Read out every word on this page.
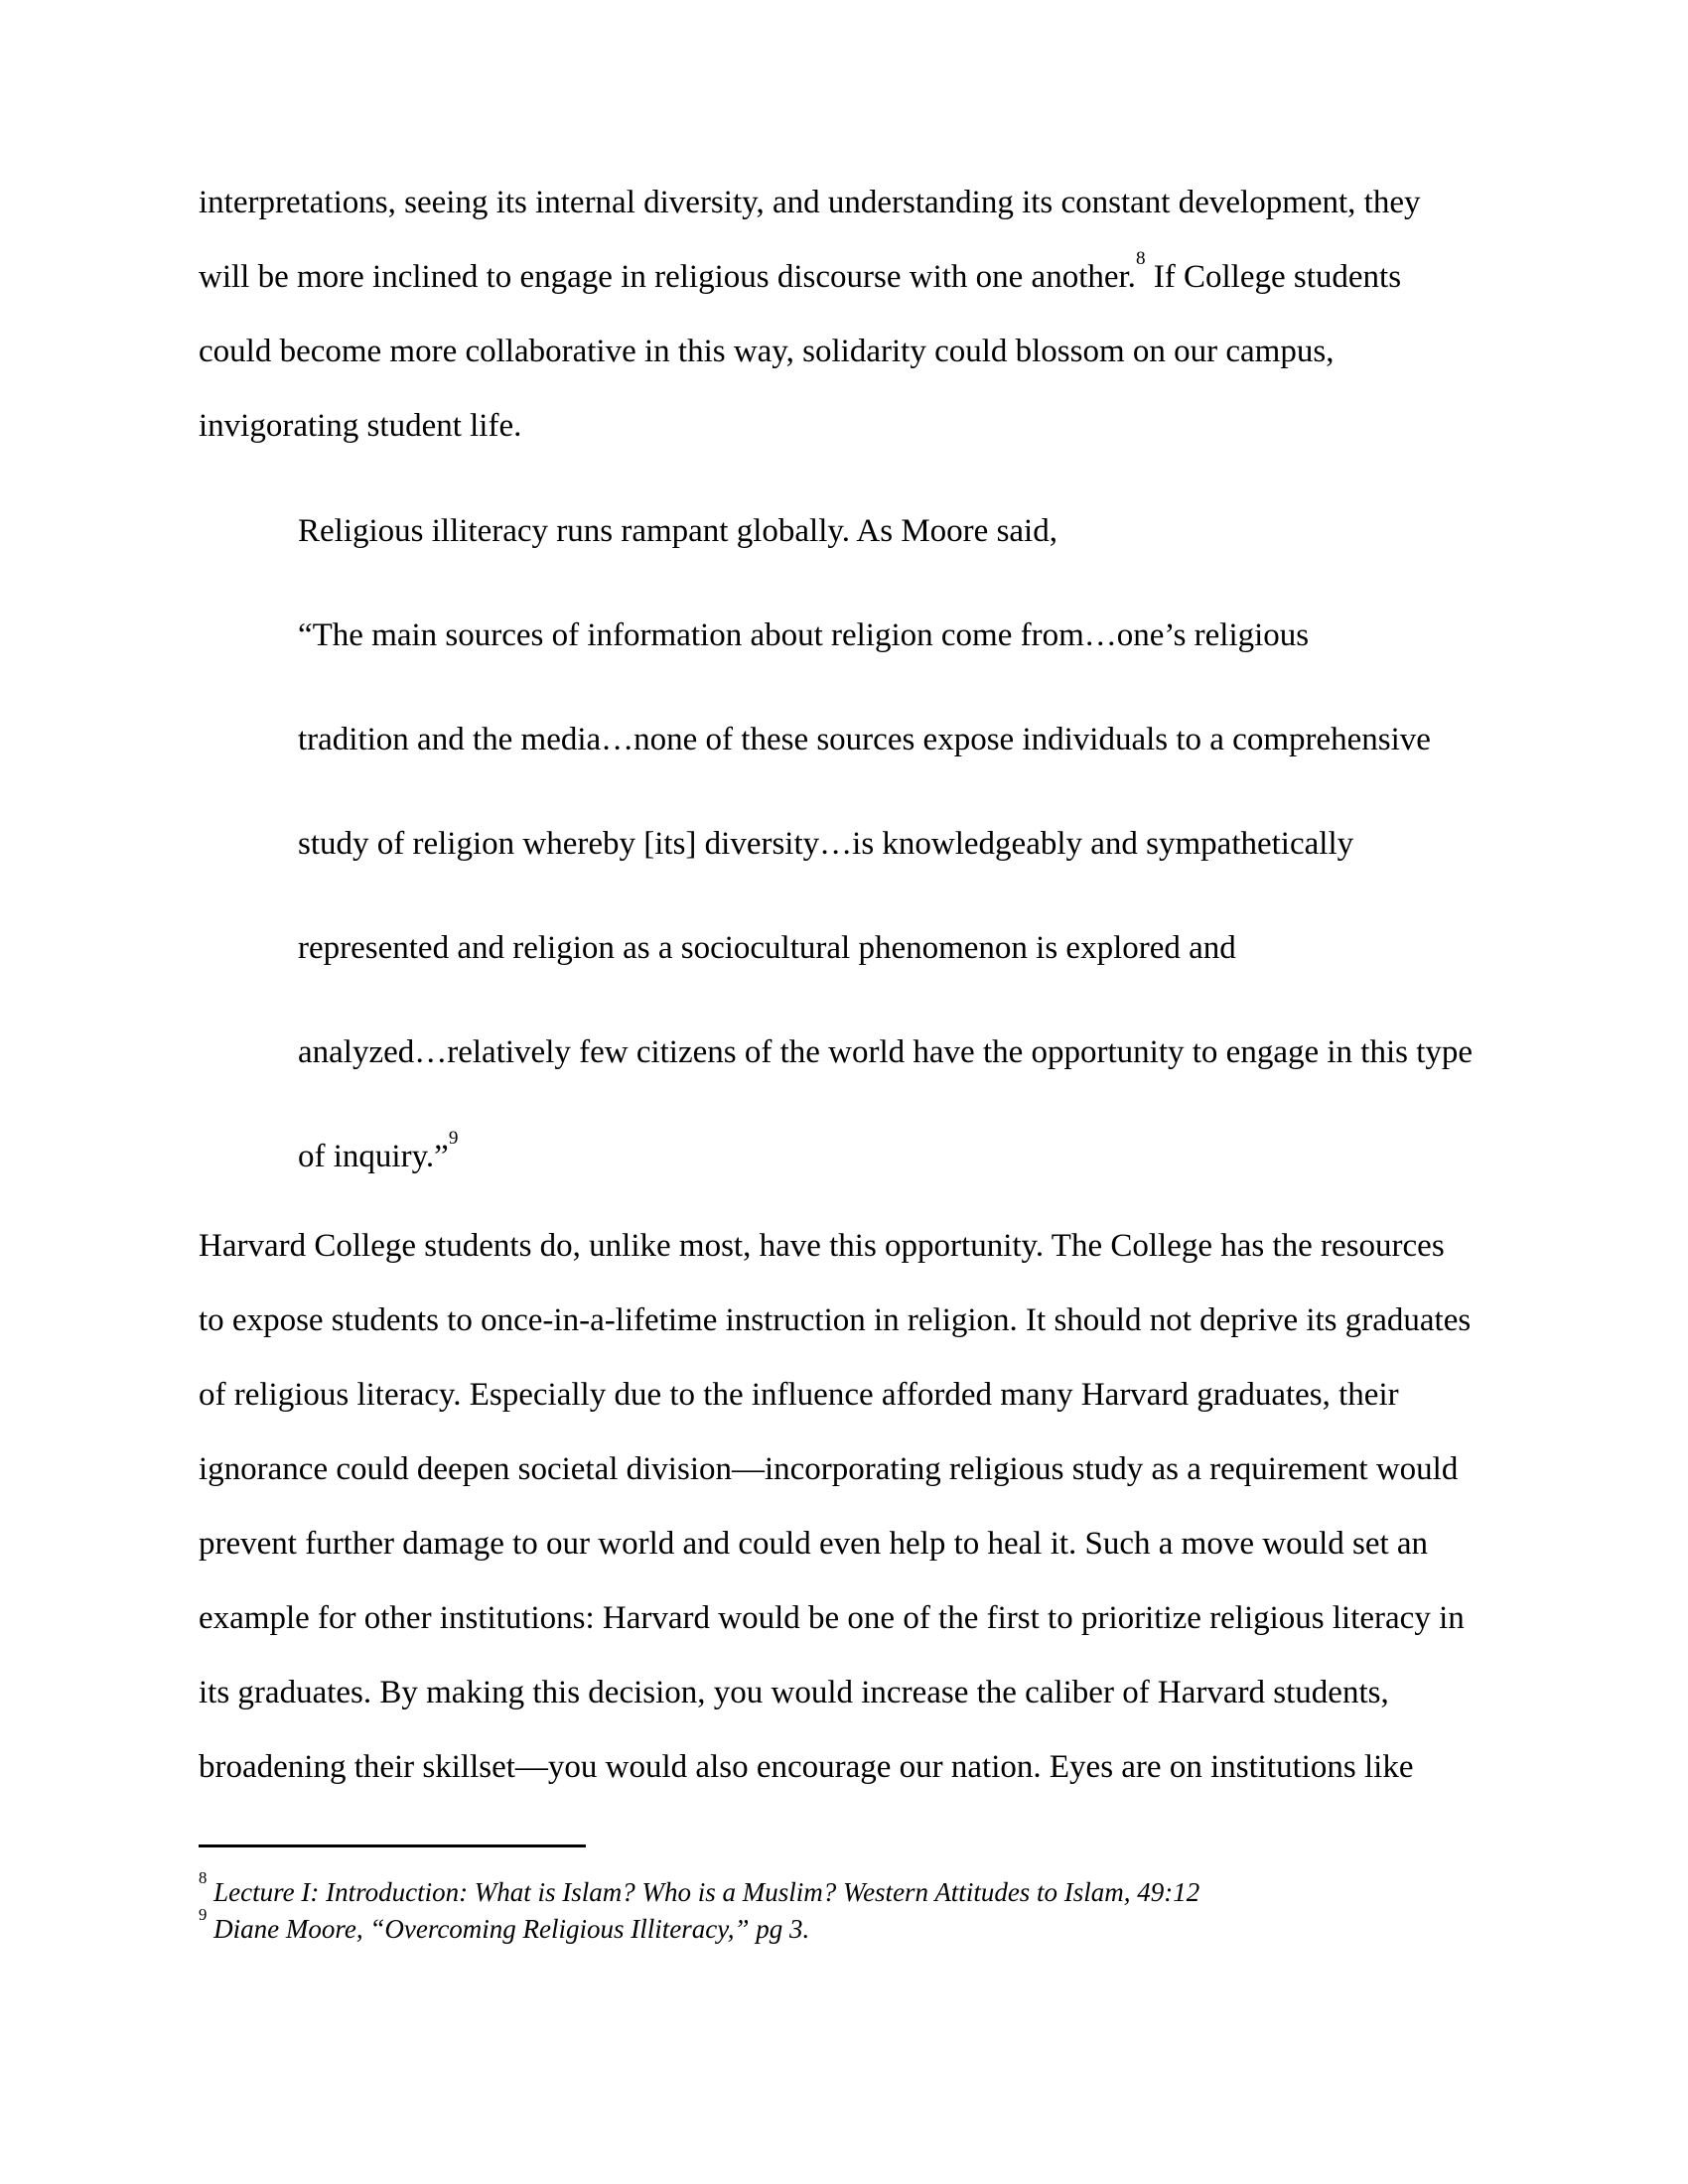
interpretations, seeing its internal diversity, and understanding its constant development, they
will be more inclined to engage in religious discourse with one another.$^8$ If College students
could become more collaborative in this way, solidarity could blossom on our campus,
invigorating student life.
Religious illiteracy runs rampant globally. As Moore said,
“The main sources of information about religion come from…one’s religious
tradition and the media…none of these sources expose individuals to a comprehensive
study of religion whereby [its] diversity…is knowledgeably and sympathetically
represented and religion as a sociocultural phenomenon is explored and
analyzed…relatively few citizens of the world have the opportunity to engage in this type
of inquiry.”$^9$
Harvard College students do, unlike most, have this opportunity. The College has the resources
to expose students to once-in-a-lifetime instruction in religion. It should not deprive its graduates
of religious literacy. Especially due to the influence afforded many Harvard graduates, their
ignorance could deepen societal division—incorporating religious study as a requirement would
prevent further damage to our world and could even help to heal it. Such a move would set an
example for other institutions: Harvard would be one of the first to prioritize religious literacy in
its graduates. By making this decision, you would increase the caliber of Harvard students,
broadening their skillset—you would also encourage our nation. Eyes are on institutions like
$^8$ Lecture I: Introduction: What is Islam? Who is a Muslim? Western Attitudes to Islam, 49:12
$^9$ Diane Moore, “Overcoming Religious Illiteracy,” pg 3.
